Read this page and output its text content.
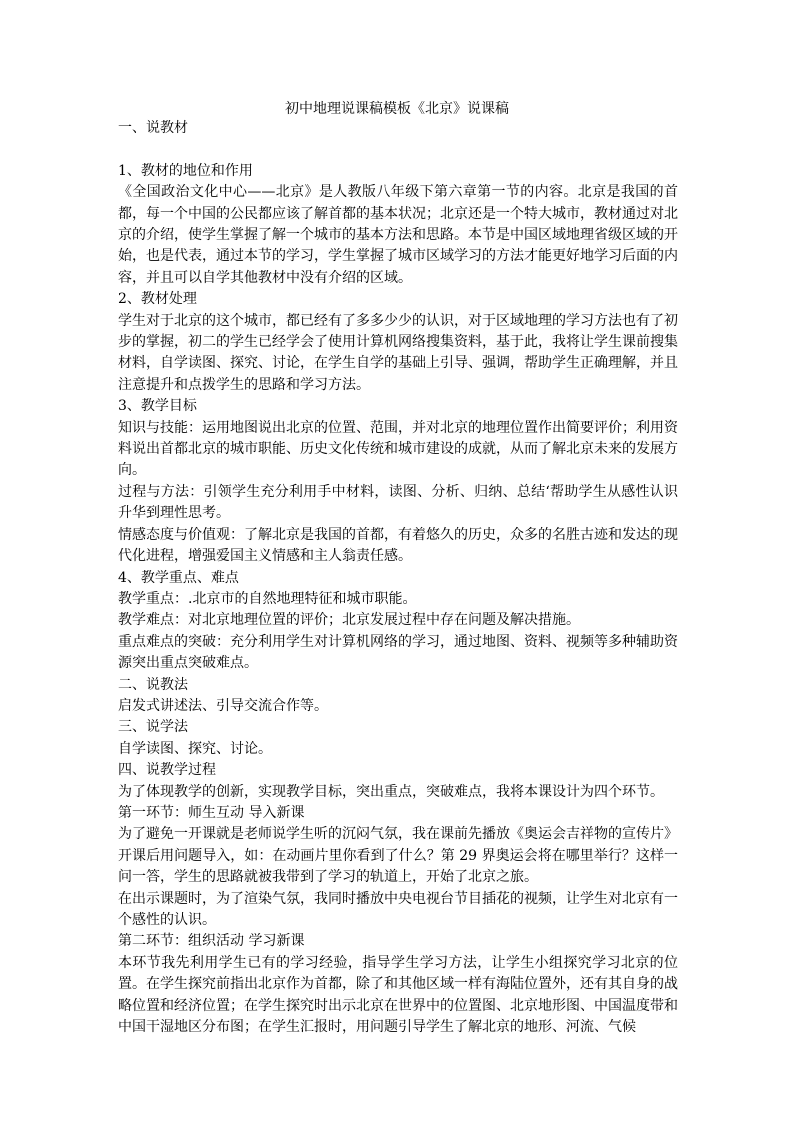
初中地理说课稿模板《北京》说课稿

一、说教材

1、教材的地位和作用

《全国政治文化中心——北京》是人教版八年级下第六章第一节的内容。北京是我国的首都，每一个中国的公民都应该了解首都的基本状况；北京还是一个特大城市，教材通过对北京的介绍，使学生掌握了解一个城市的基本方法和思路。本节是中国区域地理省级区域的开始，也是代表，通过本节的学习，学生掌握了城市区域学习的方法才能更好地学习后面的内容，并且可以自学其他教材中没有介绍的区域。

2、教材处理

学生对于北京的这个城市，都已经有了多多少少的认识，对于区域地理的学习方法也有了初步的掌握，初二的学生已经学会了使用计算机网络搜集资料，基于此，我将让学生课前搜集材料，自学读图、探究、讨论，在学生自学的基础上引导、强调，帮助学生正确理解，并且注意提升和点拨学生的思路和学习方法。

3、教学目标

知识与技能：运用地图说出北京的位置、范围，并对北京的地理位置作出简要评价；利用资料说出首都北京的城市职能、历史文化传统和城市建设的成就，从而了解北京未来的发展方向。

过程与方法：引领学生充分利用手中材料，读图、分析、归纳、总结‘帮助学生从感性认识升华到理性思考。

情感态度与价值观：了解北京是我国的首都，有着悠久的历史，众多的名胜古迹和发达的现代化进程，增强爱国主义情感和主人翁责任感。

4、教学重点、难点

教学重点：.北京市的自然地理特征和城市职能。

教学难点：对北京地理位置的评价；北京发展过程中存在问题及解决措施。

重点难点的突破：充分利用学生对计算机网络的学习，通过地图、资料、视频等多种辅助资源突出重点突破难点。

二、说教法

启发式讲述法、引导交流合作等。

三、说学法

自学读图、探究、讨论。

四、说教学过程

为了体现教学的创新，实现教学目标，突出重点，突破难点，我将本课设计为四个环节。

第一环节：师生互动 导入新课

为了避免一开课就是老师说学生听的沉闷气氛，我在课前先播放《奥运会吉祥物的宣传片》开课后用问题导入，如：在动画片里你看到了什么？第 29 界奥运会将在哪里举行？这样一问一答，学生的思路就被我带到了学习的轨道上，开始了北京之旅。

在出示课题时，为了渲染气氛，我同时播放中央电视台节目插花的视频，让学生对北京有一个感性的认识。

第二环节：组织活动 学习新课

本环节我先利用学生已有的学习经验，指导学生学习方法，让学生小组探究学习北京的位置。在学生探究前指出北京作为首都，除了和其他区域一样有海陆位置外，还有其自身的战略位置和经济位置；在学生探究时出示北京在世界中的位置图、北京地形图、中国温度带和中国干湿地区分布图；在学生汇报时，用问题引导学生了解北京的地形、河流、气候
